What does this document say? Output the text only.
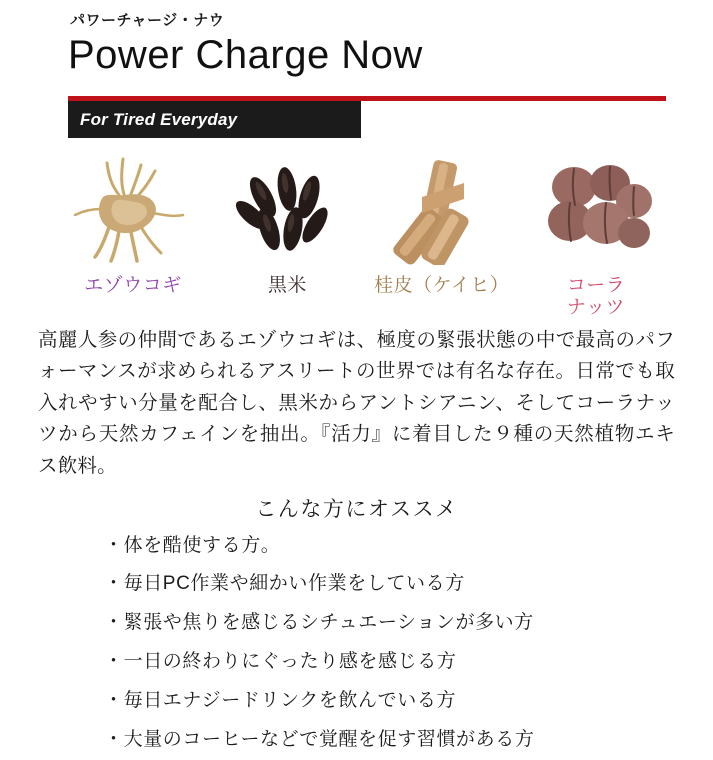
パワーチャージ・ナウ
Power Charge Now
For Tired Everyday
エゾウコギ	黒米	桂皮（ケイヒ）	コーラ
ナッツ

高麗人参の仲間であるエゾウコギは、極度の緊張状態の中で最高のパフォーマンスが求められるアスリートの世界では有名な存在。日常でも取入れやすい分量を配合し、黒米からアントシアニン、そしてコーラナッツから天然カフェインを抽出。『活力』に着目した９種の天然植物エキス飲料。

こんな方にオススメ
・体を酷使する方。
・毎日PC作業や細かい作業をしている方
・緊張や焦りを感じるシチュエーションが多い方
・一日の終わりにぐったり感を感じる方
・毎日エナジードリンクを飲んでいる方
・大量のコーヒーなどで覚醒を促す習慣がある方
